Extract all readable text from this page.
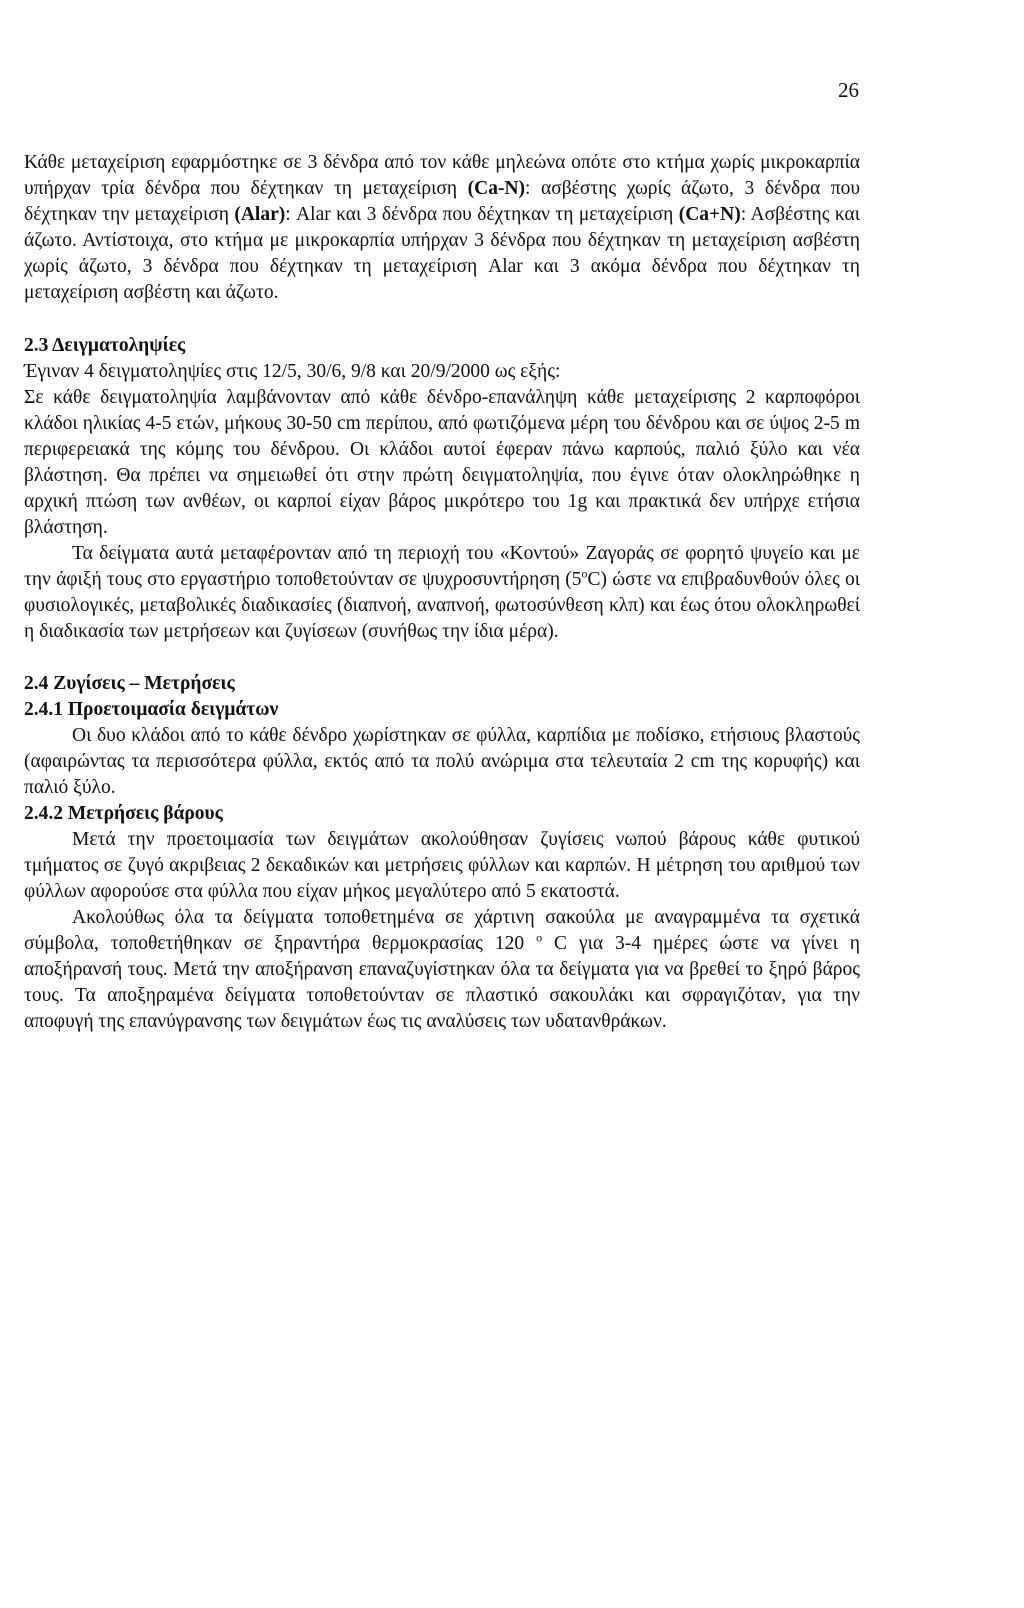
26

Κάθε μεταχείριση εφαρμόστηκε σε 3 δένδρα από τον κάθε μηλεώνα οπότε στο κτήμα χωρίς μικροκαρπία υπήρχαν τρία δένδρα που δέχτηκαν τη μεταχείριση (Ca-N): ασβέστης χωρίς άζωτο, 3 δένδρα που δέχτηκαν την μεταχείριση (Alar): Alar και 3 δένδρα που δέχτηκαν τη μεταχείριση (Ca+N): Ασβέστης και άζωτο. Αντίστοιχα, στο κτήμα με μικροκαρπία υπήρχαν 3 δένδρα που δέχτηκαν τη μεταχείριση ασβέστη χωρίς άζωτο, 3 δένδρα που δέχτηκαν τη μεταχείριση Alar και 3 ακόμα δένδρα που δέχτηκαν τη μεταχείριση ασβέστη και άζωτο.

2.3 Δειγματοληψίες

Έγιναν 4 δειγματοληψίες στις 12/5, 30/6, 9/8 και 20/9/2000 ως εξής:

Σε κάθε δειγματοληψία λαμβάνονταν από κάθε δένδρο-επανάληψη κάθε μεταχείρισης 2 καρποφόροι κλάδοι ηλικίας 4-5 ετών, μήκους 30-50 cm περίπου, από φωτιζόμενα μέρη του δένδρου και σε ύψος 2-5 m περιφερειακά της κόμης του δένδρου. Οι κλάδοι αυτοί έφεραν πάνω καρπούς, παλιό ξύλο και νέα βλάστηση. Θα πρέπει να σημειωθεί ότι στην πρώτη δειγματοληψία, που έγινε όταν ολοκληρώθηκε η αρχική πτώση των ανθέων, οι καρποί είχαν βάρος μικρότερο του 1g και πρακτικά δεν υπήρχε ετήσια βλάστηση.

Τα δείγματα αυτά μεταφέρονταν από τη περιοχή του «Κοντού» Ζαγοράς σε φορητό ψυγείο και με την άφιξή τους στο εργαστήριο τοποθετούνταν σε ψυχροσυντήρηση $(5^oC)$ ώστε να επιβραδυνθούν όλες οι φυσιολογικές, μεταβολικές διαδικασίες (διαπνοή, αναπνοή, φωτοσύνθεση κλπ) και έως ότου ολοκληρωθεί η διαδικασία των μετρήσεων και ζυγίσεων (συνήθως την ίδια μέρα).

2.4 Ζυγίσεις – Μετρήσεις

2.4.1 Προετοιμασία δειγμάτων

Οι δυο κλάδοι από το κάθε δένδρο χωρίστηκαν σε φύλλα, καρπίδια με ποδίσκο, ετήσιους βλαστούς (αφαιρώντας τα περισσότερα φύλλα, εκτός από τα πολύ ανώριμα στα τελευταία 2 cm της κορυφής) και παλιό ξύλο.

2.4.2 Μετρήσεις βάρους

Μετά την προετοιμασία των δειγμάτων ακολούθησαν ζυγίσεις νωπού βάρους κάθε φυτικού τμήματος σε ζυγό ακριβειας 2 δεκαδικών και μετρήσεις φύλλων και καρπών. Η μέτρηση του αριθμού των φύλλων αφορούσε στα φύλλα που είχαν μήκος μεγαλύτερο από 5 εκατοστά.

Ακολούθως όλα τα δείγματα τοποθετημένα σε χάρτινη σακούλα με αναγραμμένα τα σχετικά σύμβολα, τοποθετήθηκαν σε ξηραντήρα θερμοκρασίας 120 $^o$ C για 3-4 ημέρες ώστε να γίνει η αποξήρανσή τους. Μετά την αποξήρανση επαναζυγίστηκαν όλα τα δείγματα για να βρεθεί το ξηρό βάρος τους. Τα αποξηραμένα δείγματα τοποθετούνταν σε πλαστικό σακουλάκι και σφραγιζόταν, για την αποφυγή της επανύγρανσης των δειγμάτων έως τις αναλύσεις των υδατανθράκων.
